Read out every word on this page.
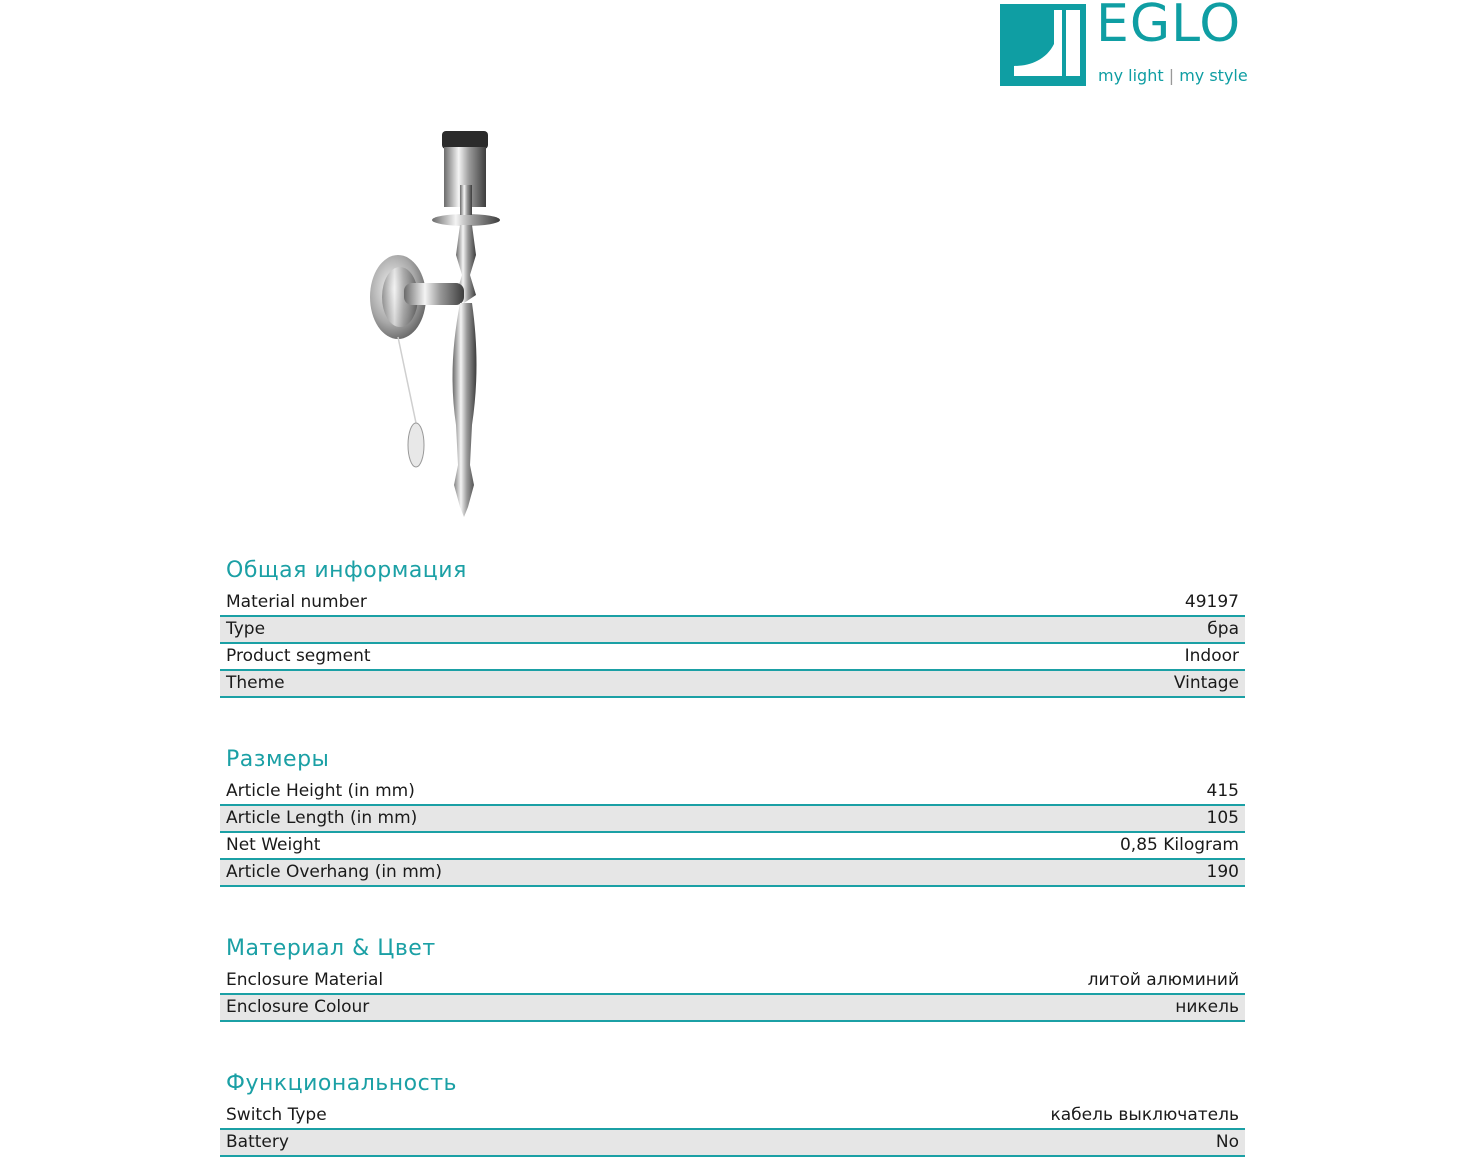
EGLO
my light | my style
Общая информация
Material number	49197
Type	бра
Product segment	Indoor
Theme	Vintage
Размеры
Article Height (in mm)	415
Article Length (in mm)	105
Net Weight	0,85 Kilogram
Article Overhang (in mm)	190
Материал & Цвет
Enclosure Material	литой алюминий
Enclosure Colour	никель
Функциональность
Switch Type	кабель выключатель
Battery	No
